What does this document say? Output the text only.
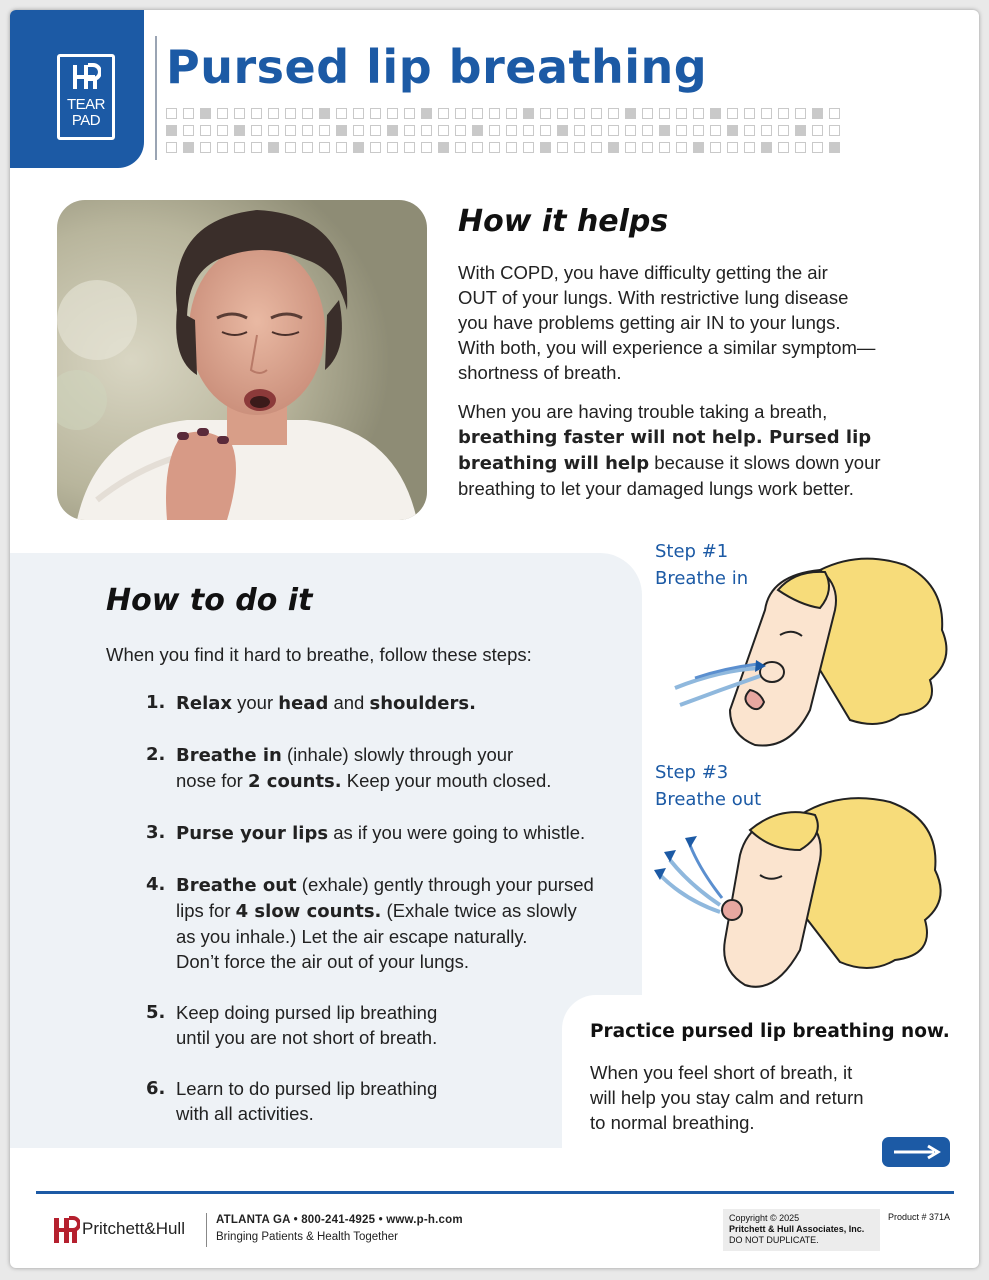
TEAR
PAD
Pursed lip breathing
How it helps

With COPD, you have difficulty getting the air
OUT of your lungs. With restrictive lung disease
you have problems getting air IN to your lungs.
With both, you will experience a similar symptom—
shortness of breath.

When you are having trouble taking a breath,
breathing faster will not help. Pursed lip
breathing will help because it slows down your
breathing to let your damaged lungs work better.

How to do it

When you find it hard to breathe, follow these steps:

1. Relax your head and shoulders.
2. Breathe in (inhale) slowly through your
nose for 2 counts. Keep your mouth closed.
3. Purse your lips as if you were going to whistle.
4. Breathe out (exhale) gently through your pursed
lips for 4 slow counts. (Exhale twice as slowly
as you inhale.) Let the air escape naturally.
Don’t force the air out of your lungs.
5. Keep doing pursed lip breathing
until you are not short of breath.
6. Learn to do pursed lip breathing
with all activities.
Step #1
Breathe in
Step #3
Breathe out
Practice pursed lip breathing now.

When you feel short of breath, it
will help you stay calm and return
to normal breathing.

Pritchett&Hull	ATLANTA GA • 800-241-4925 • www.p-h.com
Bringing Patients & Health Together
Copyright © 2025
Pritchett & Hull Associates, Inc.
DO NOT DUPLICATE.
Product # 371A
